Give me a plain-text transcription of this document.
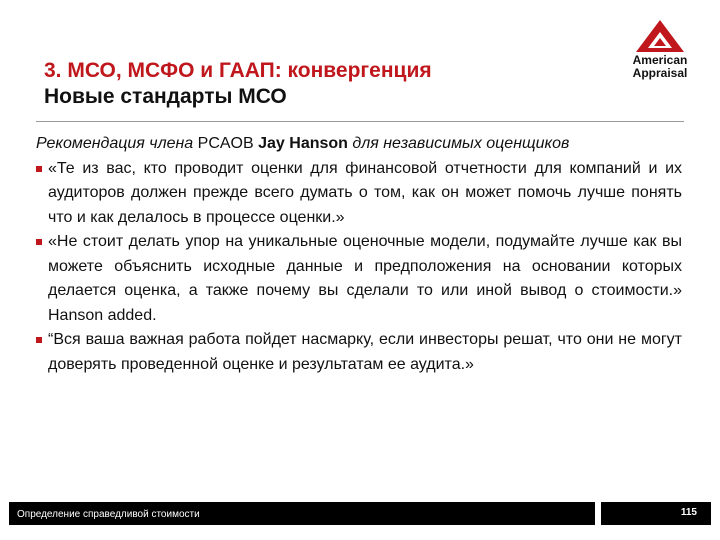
3. МСО, МСФО и ГААП: конвергенция
Новые стандарты МСО
American
Appraisal

Рекомендация члена PCAOB Jay Hanson для независимых оценщиков

«Те из вас, кто проводит оценки для финансовой отчетности для компаний и их аудиторов должен прежде всего думать о том, как он может помочь лучше понять что и как делалось в процессе оценки.»

«Не стоит делать упор на уникальные оценочные модели, подумайте лучше как вы можете объяснить исходные данные и предположения на основании которых делается оценка, а также почему вы сделали то или иной вывод о стоимости.» Hanson added.

“Вся ваша важная работа пойдет насмарку, если инвесторы решат, что они не могут доверять проведенной оценке и результатам ее аудита.»

Определение справедливой стоимости	115
